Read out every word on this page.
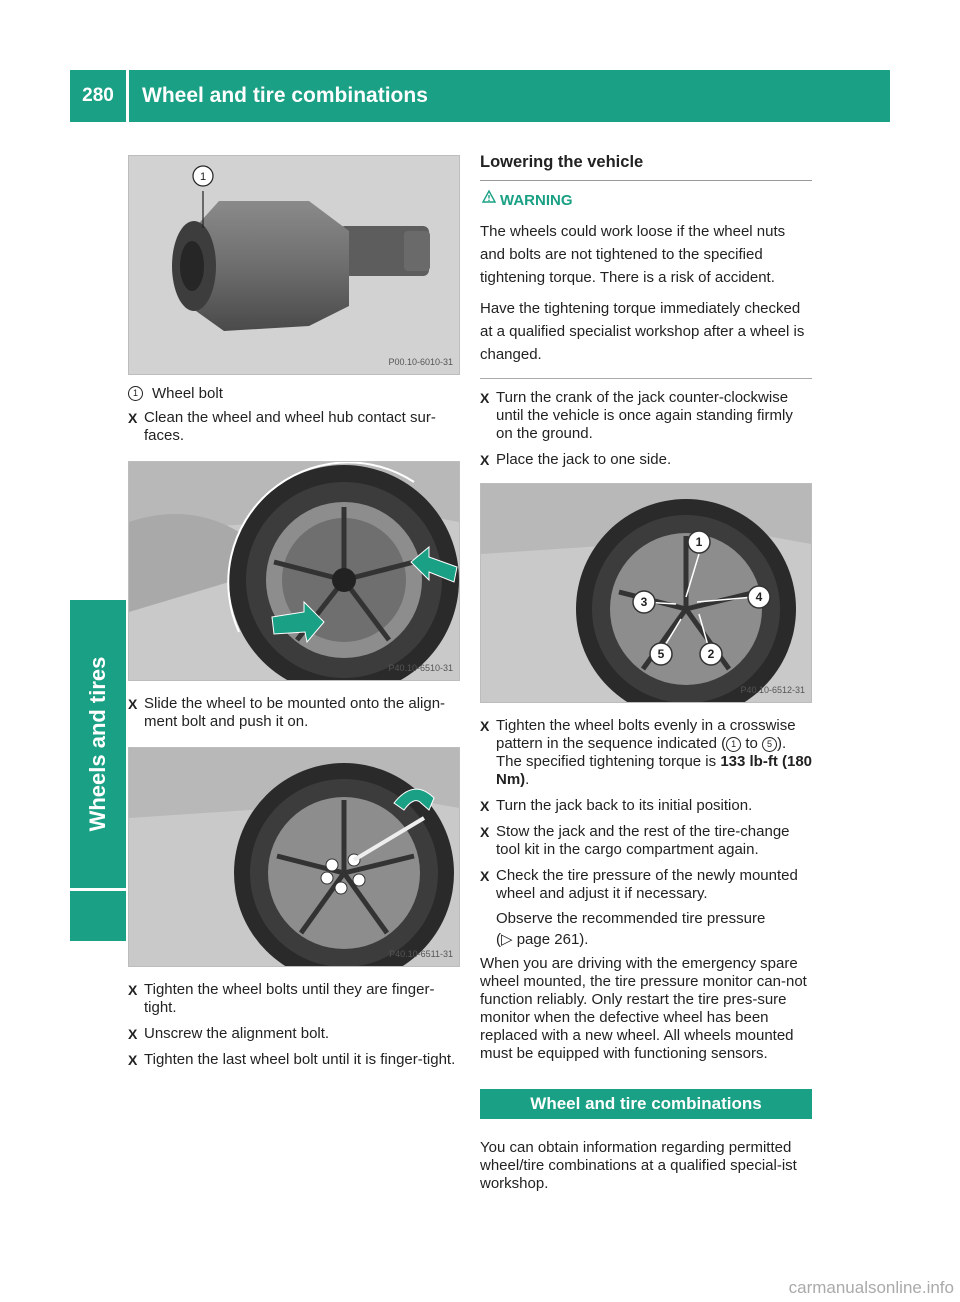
280	Wheel and tire combinations
Wheels and tires
1
P00.10-6010-31

1 Wheel bolt

X Clean the wheel and wheel hub contact sur-faces.

P40.10-6510-31

X Slide the wheel to be mounted onto the align-ment bolt and push it on.

P40.10-6511-31

X Tighten the wheel bolts until they are finger-tight.

X Unscrew the alignment bolt.

X Tighten the last wheel bolt until it is finger-tight.

Lowering the vehicle

WARNING

The wheels could work loose if the wheel nuts and bolts are not tightened to the specified tightening torque. There is a risk of accident.

Have the tightening torque immediately checked at a qualified specialist workshop after a wheel is changed.

X Turn the crank of the jack counter-clockwise until the vehicle is once again standing firmly on the ground.

X Place the jack to one side.

1
2
3	4
5
P40.10-6512-31

X Tighten the wheel bolts evenly in a crosswise pattern in the sequence indicated ( 1 to 5 ). The specified tightening torque is 133 lb-ft (180 Nm).

X Turn the jack back to its initial position.

X Stow the jack and the rest of the tire-change tool kit in the cargo compartment again.

X Check the tire pressure of the newly mounted wheel and adjust it if necessary.

Observe the recommended tire pressure
(▷ page 261).

When you are driving with the emergency spare wheel mounted, the tire pressure monitor can-not function reliably. Only restart the tire pres-sure monitor when the defective wheel has been replaced with a new wheel. All wheels mounted must be equipped with functioning sensors.

Wheel and tire combinations

You can obtain information regarding permitted wheel/tire combinations at a qualified special-ist workshop.

carmanualsonline.info
